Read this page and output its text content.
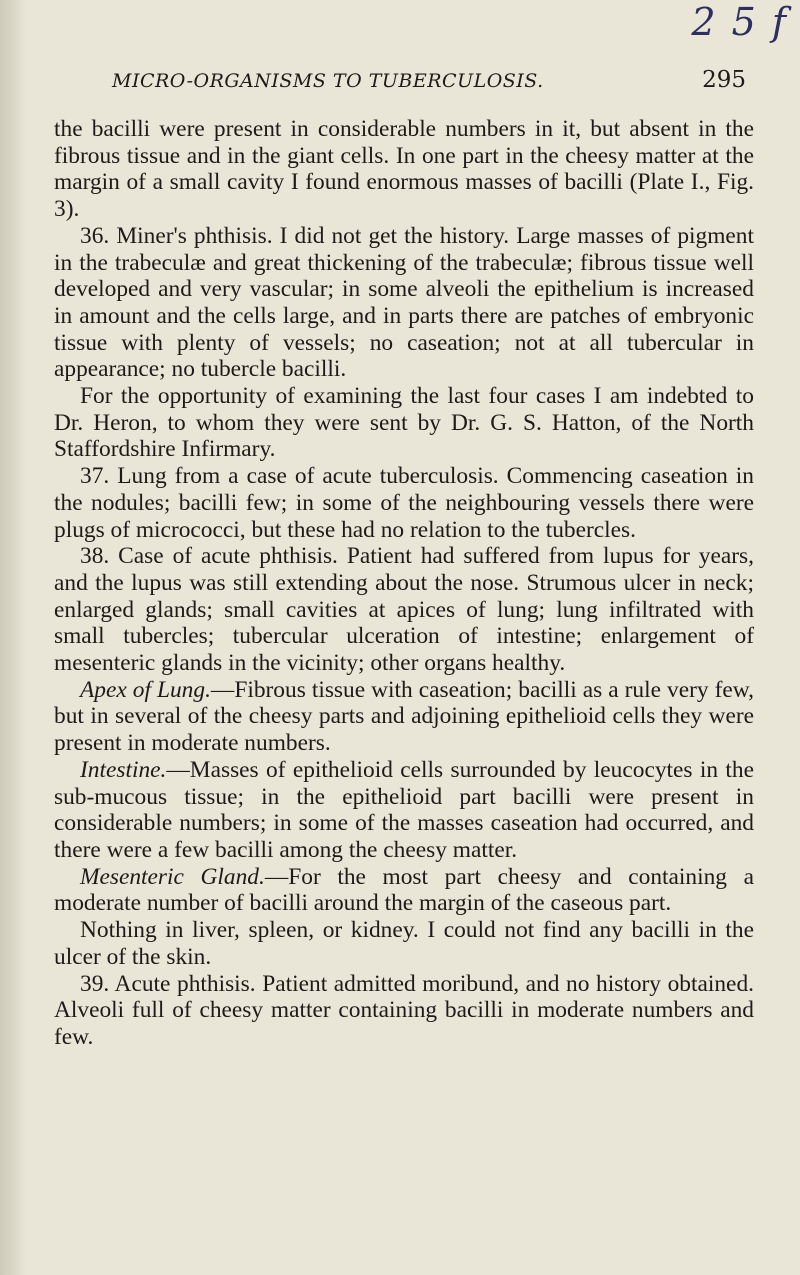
2 5 f
MICRO-ORGANISMS TO TUBERCULOSIS.	295

the bacilli were present in considerable numbers in it, but absent in the fibrous tissue and in the giant cells. In one part in the cheesy matter at the margin of a small cavity I found enormous masses of bacilli (Plate I., Fig. 3).

36. Miner's phthisis. I did not get the history. Large masses of pigment in the trabeculæ and great thickening of the trabeculæ; fibrous tissue well developed and very vascular; in some alveoli the epithelium is increased in amount and the cells large, and in parts there are patches of embryonic tissue with plenty of vessels; no caseation; not at all tubercular in appearance; no tubercle bacilli.

For the opportunity of examining the last four cases I am indebted to Dr. Heron, to whom they were sent by Dr. G. S. Hatton, of the North Staffordshire Infirmary.

37. Lung from a case of acute tuberculosis. Commencing caseation in the nodules; bacilli few; in some of the neighbouring vessels there were plugs of micrococci, but these had no relation to the tubercles.

38. Case of acute phthisis. Patient had suffered from lupus for years, and the lupus was still extending about the nose. Strumous ulcer in neck; enlarged glands; small cavities at apices of lung; lung infiltrated with small tubercles; tubercular ulceration of intestine; enlargement of mesenteric glands in the vicinity; other organs healthy.

Apex of Lung.—Fibrous tissue with caseation; bacilli as a rule very few, but in several of the cheesy parts and adjoining epithelioid cells they were present in moderate numbers.

Intestine.—Masses of epithelioid cells surrounded by leucocytes in the sub-mucous tissue; in the epithelioid part bacilli were present in considerable numbers; in some of the masses caseation had occurred, and there were a few bacilli among the cheesy matter.

Mesenteric Gland.—For the most part cheesy and containing a moderate number of bacilli around the margin of the caseous part.

Nothing in liver, spleen, or kidney. I could not find any bacilli in the ulcer of the skin.

39. Acute phthisis. Patient admitted moribund, and no history obtained. Alveoli full of cheesy matter containing bacilli in moderate numbers and few.
